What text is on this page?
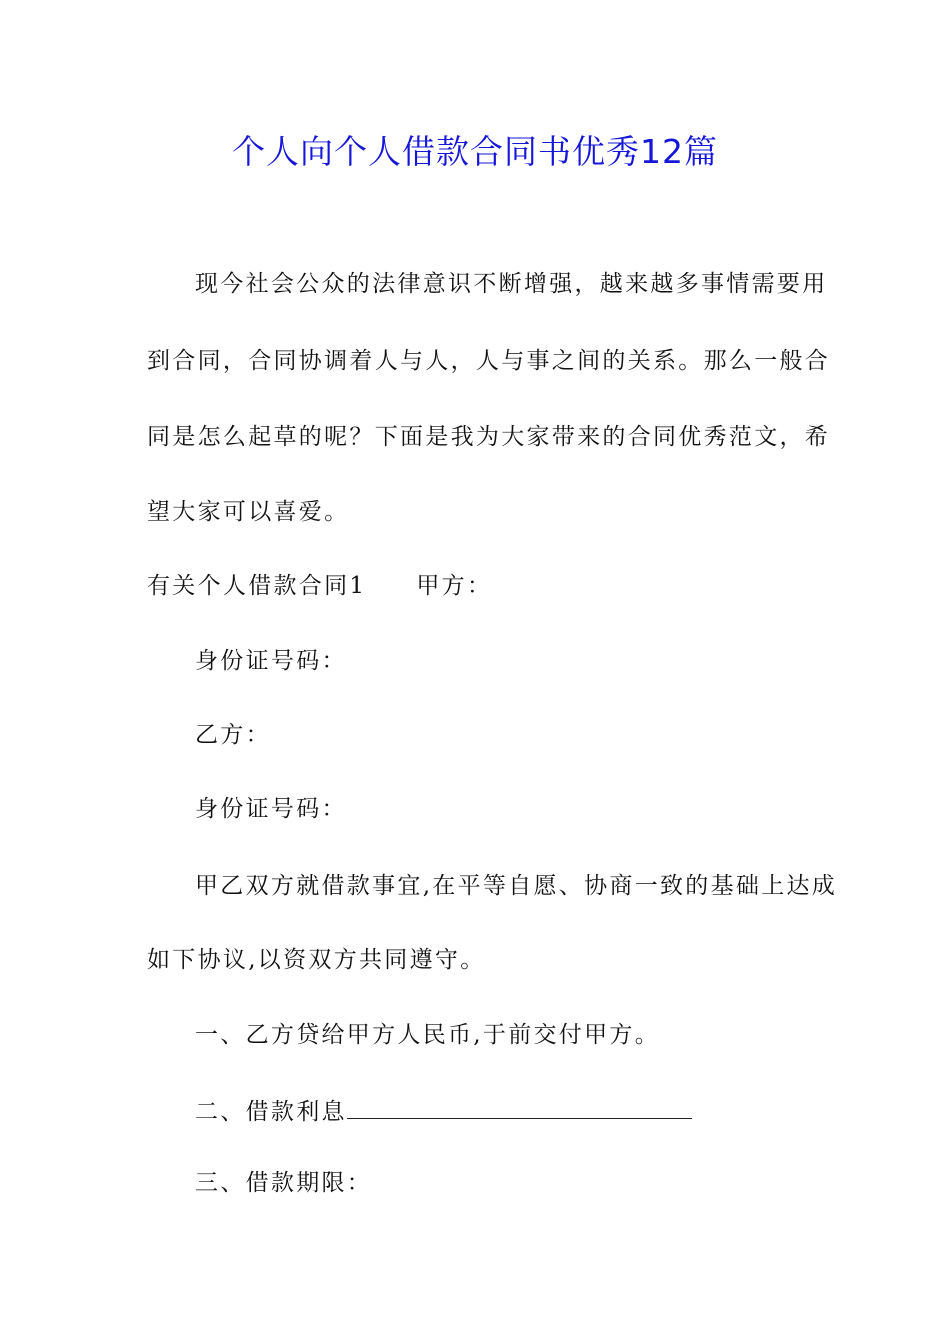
个人向个人借款合同书优秀12篇
现今社会公众的法律意识不断增强，越来越多事情需要用
到合同，合同协调着人与人，人与事之间的关系。那么一般合
同是怎么起草的呢？下面是我为大家带来的合同优秀范文，希
望大家可以喜爱。
有关个人借款合同1 甲方：
身份证号码：
乙方：
身份证号码：
甲乙双方就借款事宜,在平等自愿、协商一致的基础上达成
如下协议,以资双方共同遵守。
一、乙方贷给甲方人民币,于前交付甲方。
二、借款利息
三、借款期限：
